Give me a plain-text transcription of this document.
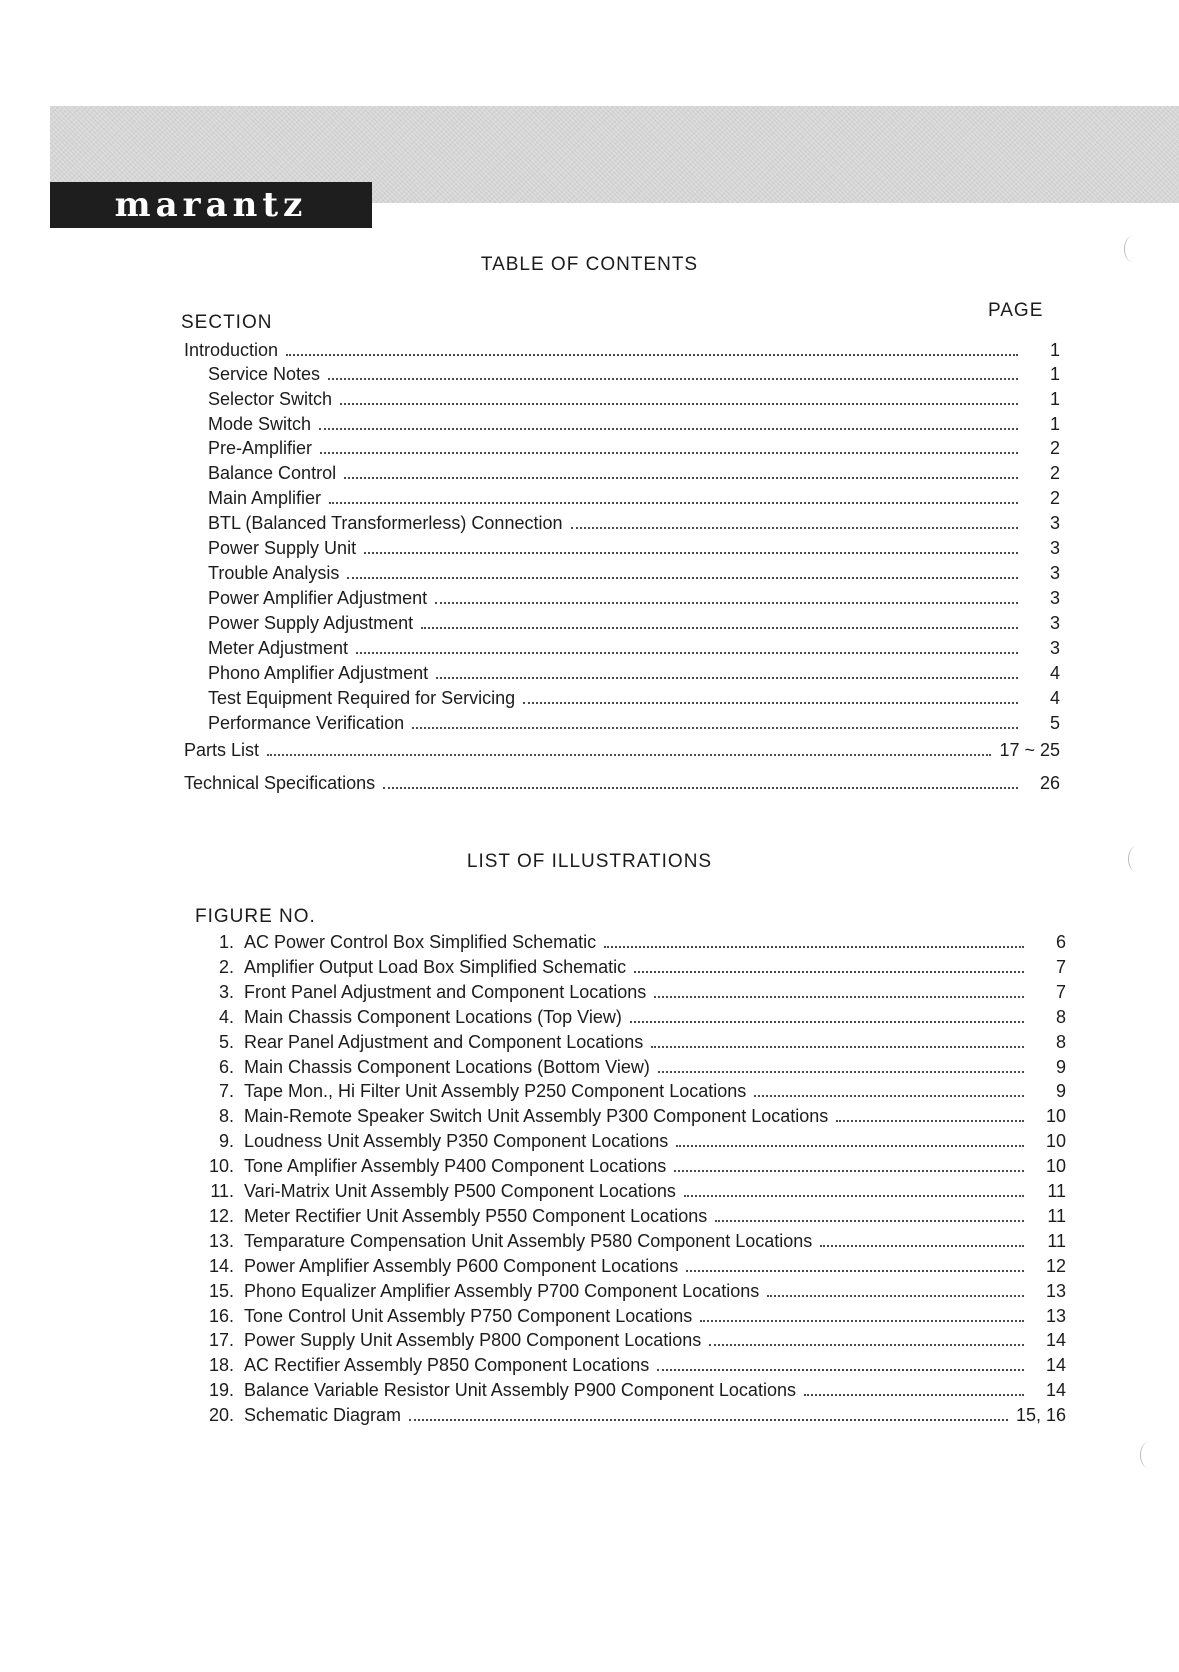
marantz
TABLE OF CONTENTS
SECTION
PAGE
Introduction	1
Service Notes	1
Selector Switch	1
Mode Switch	1
Pre-Amplifier	2
Balance Control	2
Main Amplifier	2
BTL (Balanced Transformerless) Connection	3
Power Supply Unit	3
Trouble Analysis	3
Power Amplifier Adjustment	3
Power Supply Adjustment	3
Meter Adjustment	3
Phono Amplifier Adjustment	4
Test Equipment Required for Servicing	4
Performance Verification	5
Parts List	17 ~ 25
Technical Specifications	26
LIST OF ILLUSTRATIONS
FIGURE NO.
1. AC Power Control Box Simplified Schematic	6
2. Amplifier Output Load Box Simplified Schematic	7
3. Front Panel Adjustment and Component Locations	7
4. Main Chassis Component Locations (Top View)	8
5. Rear Panel Adjustment and Component Locations	8
6. Main Chassis Component Locations (Bottom View)	9
7. Tape Mon., Hi Filter Unit Assembly P250 Component Locations	9
8. Main-Remote Speaker Switch Unit Assembly P300 Component Locations	10
9. Loudness Unit Assembly P350 Component Locations	10
10. Tone Amplifier Assembly P400 Component Locations	10
11. Vari-Matrix Unit Assembly P500 Component Locations	11
12. Meter Rectifier Unit Assembly P550 Component Locations	11
13. Temparature Compensation Unit Assembly P580 Component Locations	11
14. Power Amplifier Assembly P600 Component Locations	12
15. Phono Equalizer Amplifier Assembly P700 Component Locations	13
16. Tone Control Unit Assembly P750 Component Locations	13
17. Power Supply Unit Assembly P800 Component Locations	14
18. AC Rectifier Assembly P850 Component Locations	14
19. Balance Variable Resistor Unit Assembly P900 Component Locations	14
20. Schematic Diagram	15, 16
